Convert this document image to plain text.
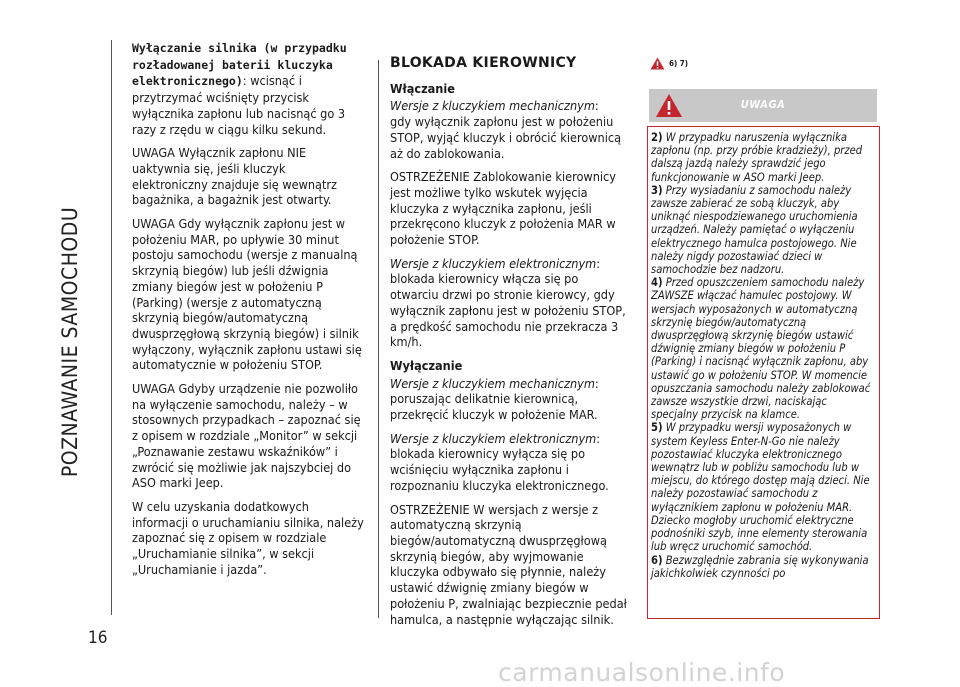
POZNAWANIE SAMOCHODU
16

Wyłączanie silnika (w przypadku rozładowanej baterii kluczyka elektronicznego): wcisnąć i przytrzymać wciśnięty przycisk wyłącznika zapłonu lub nacisnąć go 3 razy z rzędu w ciągu kilku sekund.

UWAGA Wyłącznik zapłonu NIE uaktywnia się, jeśli kluczyk elektroniczny znajduje się wewnątrz bagażnika, a bagażnik jest otwarty.

UWAGA Gdy wyłącznik zapłonu jest w położeniu MAR, po upływie 30 minut postoju samochodu (wersje z manualną skrzynią biegów) lub jeśli dźwignia zmiany biegów jest w położeniu P (Parking) (wersje z automatyczną skrzynią biegów/automatyczną dwusprzęgłową skrzynią biegów) i silnik wyłączony, wyłącznik zapłonu ustawi się automatycznie w położeniu STOP.

UWAGA Gdyby urządzenie nie pozwoliło na wyłączenie samochodu, należy – w stosownych przypadkach – zapoznać się z opisem w rozdziale „Monitor” w sekcji „Poznawanie zestawu wskaźników” i zwrócić się możliwie jak najszybciej do ASO marki Jeep.

W celu uzyskania dodatkowych informacji o uruchamianiu silnika, należy zapoznać się z opisem w rozdziale „Uruchamianie silnika”, w sekcji „Uruchamianie i jazda”.

BLOKADA KIEROWNICY
Włączanie
Wersje z kluczykiem mechanicznym:

gdy wyłącznik zapłonu jest w położeniu STOP, wyjąć kluczyk i obrócić kierownicą aż do zablokowania.

OSTRZEŻENIE Zablokowanie kierownicy jest możliwe tylko wskutek wyjęcia kluczyka z wyłącznika zapłonu, jeśli przekręcono kluczyk z położenia MAR w położenie STOP.

Wersje z kluczykiem elektronicznym:

blokada kierownicy włącza się po otwarciu drzwi po stronie kierowcy, gdy wyłącznik zapłonu jest w położeniu STOP, a prędkość samochodu nie przekracza 3 km/h.

Wyłączanie
Wersje z kluczykiem mechanicznym:

poruszając delikatnie kierownicą, przekręcić kluczyk w położenie MAR.

Wersje z kluczykiem elektronicznym:

blokada kierownicy wyłącza się po wciśnięciu wyłącznika zapłonu i rozpoznaniu kluczyka elektronicznego.

OSTRZEŻENIE W wersjach z wersje z automatyczną skrzynią biegów/automatyczną dwusprzęgłową skrzynią biegów, aby wyjmowanie kluczyka odbywało się płynnie, należy ustawić dźwignię zmiany biegów w położeniu P, zwalniając bezpiecznie pedał hamulca, a następnie wyłączając silnik.

6) 7)
UWAGA
2) W przypadku naruszenia wyłącznika zapłonu (np. przy próbie kradzieży), przed dalszą jazdą należy sprawdzić jego funkcjonowanie w ASO marki Jeep.
3) Przy wysiadaniu z samochodu należy zawsze zabierać ze sobą kluczyk, aby uniknąć niespodziewanego uruchomienia urządzeń. Należy pamiętać o wyłączeniu elektrycznego hamulca postojowego. Nie należy nigdy pozostawiać dzieci w samochodzie bez nadzoru.
4) Przed opuszczeniem samochodu należy ZAWSZE włączać hamulec postojowy. W wersjach wyposażonych w automatyczną skrzynię biegów/automatyczną dwusprzęgłową skrzynię biegów ustawić dźwignię zmiany biegów w położeniu P (Parking) i nacisnąć wyłącznik zapłonu, aby ustawić go w położeniu STOP. W momencie opuszczania samochodu należy zablokować zawsze wszystkie drzwi, naciskając specjalny przycisk na klamce.
5) W przypadku wersji wyposażonych w system Keyless Enter-N-Go nie należy pozostawiać kluczyka elektronicznego wewnątrz lub w pobliżu samochodu lub w miejscu, do którego dostęp mają dzieci. Nie należy pozostawiać samochodu z wyłącznikiem zapłonu w położeniu MAR. Dziecko mogłoby uruchomić elektryczne podnośniki szyb, inne elementy sterowania lub wręcz uruchomić samochód.
6) Bezwzględnie zabrania się wykonywania jakichkolwiek czynności po
carmanualsonline.info
